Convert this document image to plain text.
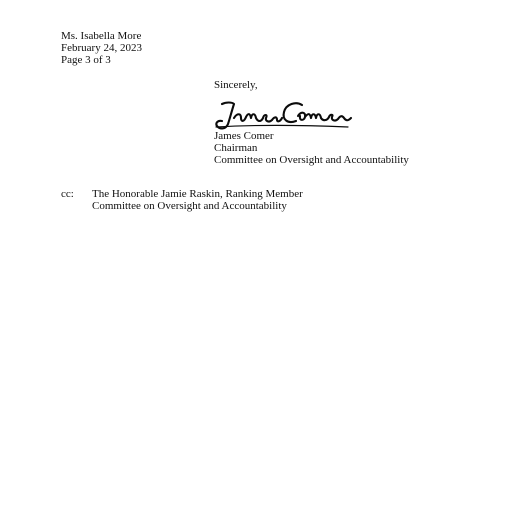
Ms. Isabella More
February 24, 2023
Page 3 of 3
Sincerely,
James Comer
Chairman
Committee on Oversight and Accountability
cc: The Honorable Jamie Raskin, Ranking Member
Committee on Oversight and Accountability
